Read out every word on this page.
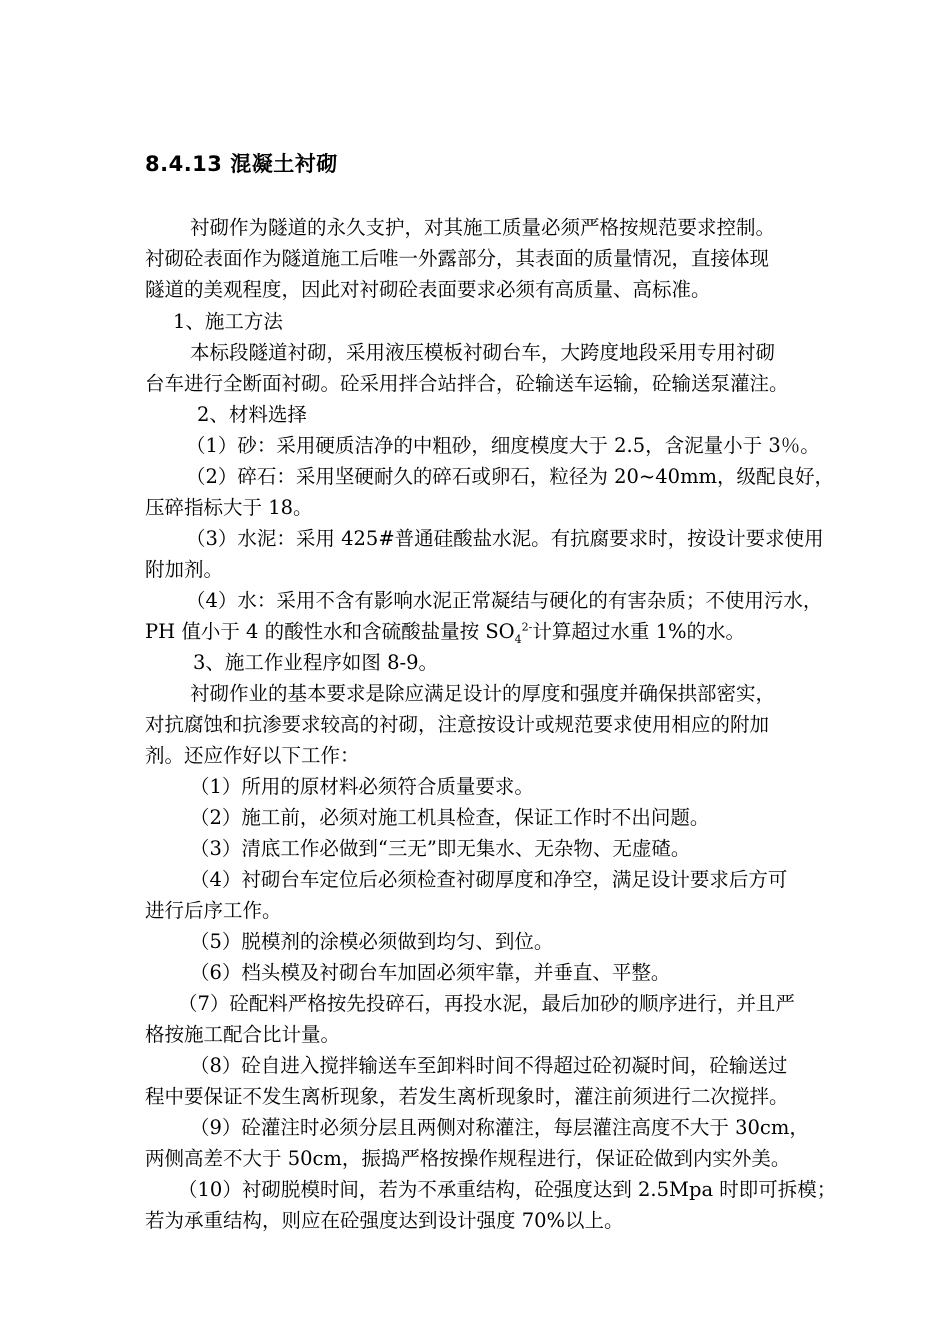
8.4.13 混凝土衬砌
衬砌作为隧道的永久支护，对其施工质量必须严格按规范要求控制。
衬砌砼表面作为隧道施工后唯一外露部分，其表面的质量情况，直接体现
隧道的美观程度，因此对衬砌砼表面要求必须有高质量、高标准。
1、施工方法
本标段隧道衬砌，采用液压模板衬砌台车，大跨度地段采用专用衬砌
台车进行全断面衬砌。砼采用拌合站拌合，砼输送车运输，砼输送泵灌注。
2、材料选择
（1）砂：采用硬质洁净的中粗砂，细度模度大于 2.5，含泥量小于 3％。
（2）碎石：采用坚硬耐久的碎石或卵石，粒径为 20~40mm，级配良好，
压碎指标大于 18。
（3）水泥：采用 425#普通硅酸盐水泥。有抗腐要求时，按设计要求使用
附加剂。
（4）水：采用不含有影响水泥正常凝结与硬化的有害杂质；不使用污水，
PH 值小于 4 的酸性水和含硫酸盐量按 $SO_4^{2-}$计算超过水重 1%的水。
3、施工作业程序如图 8-9。
衬砌作业的基本要求是除应满足设计的厚度和强度并确保拱部密实，
对抗腐蚀和抗渗要求较高的衬砌，注意按设计或规范要求使用相应的附加
剂。还应作好以下工作：
（1）所用的原材料必须符合质量要求。
（2）施工前，必须对施工机具检查，保证工作时不出问题。
（3）清底工作必做到“三无”即无集水、无杂物、无虚碴。
（4）衬砌台车定位后必须检查衬砌厚度和净空，满足设计要求后方可
进行后序工作。
（5）脱模剂的涂模必须做到均匀、到位。
（6）档头模及衬砌台车加固必须牢靠，并垂直、平整。
（7）砼配料严格按先投碎石，再投水泥，最后加砂的顺序进行，并且严
格按施工配合比计量。
（8）砼自进入搅拌输送车至卸料时间不得超过砼初凝时间，砼输送过
程中要保证不发生离析现象，若发生离析现象时，灌注前须进行二次搅拌。
（9）砼灌注时必须分层且两侧对称灌注，每层灌注高度不大于 30cm，
两侧高差不大于 50cm，振捣严格按操作规程进行，保证砼做到内实外美。
（10）衬砌脱模时间，若为不承重结构，砼强度达到 2.5Mpa 时即可拆模；
若为承重结构，则应在砼强度达到设计强度 70%以上。
